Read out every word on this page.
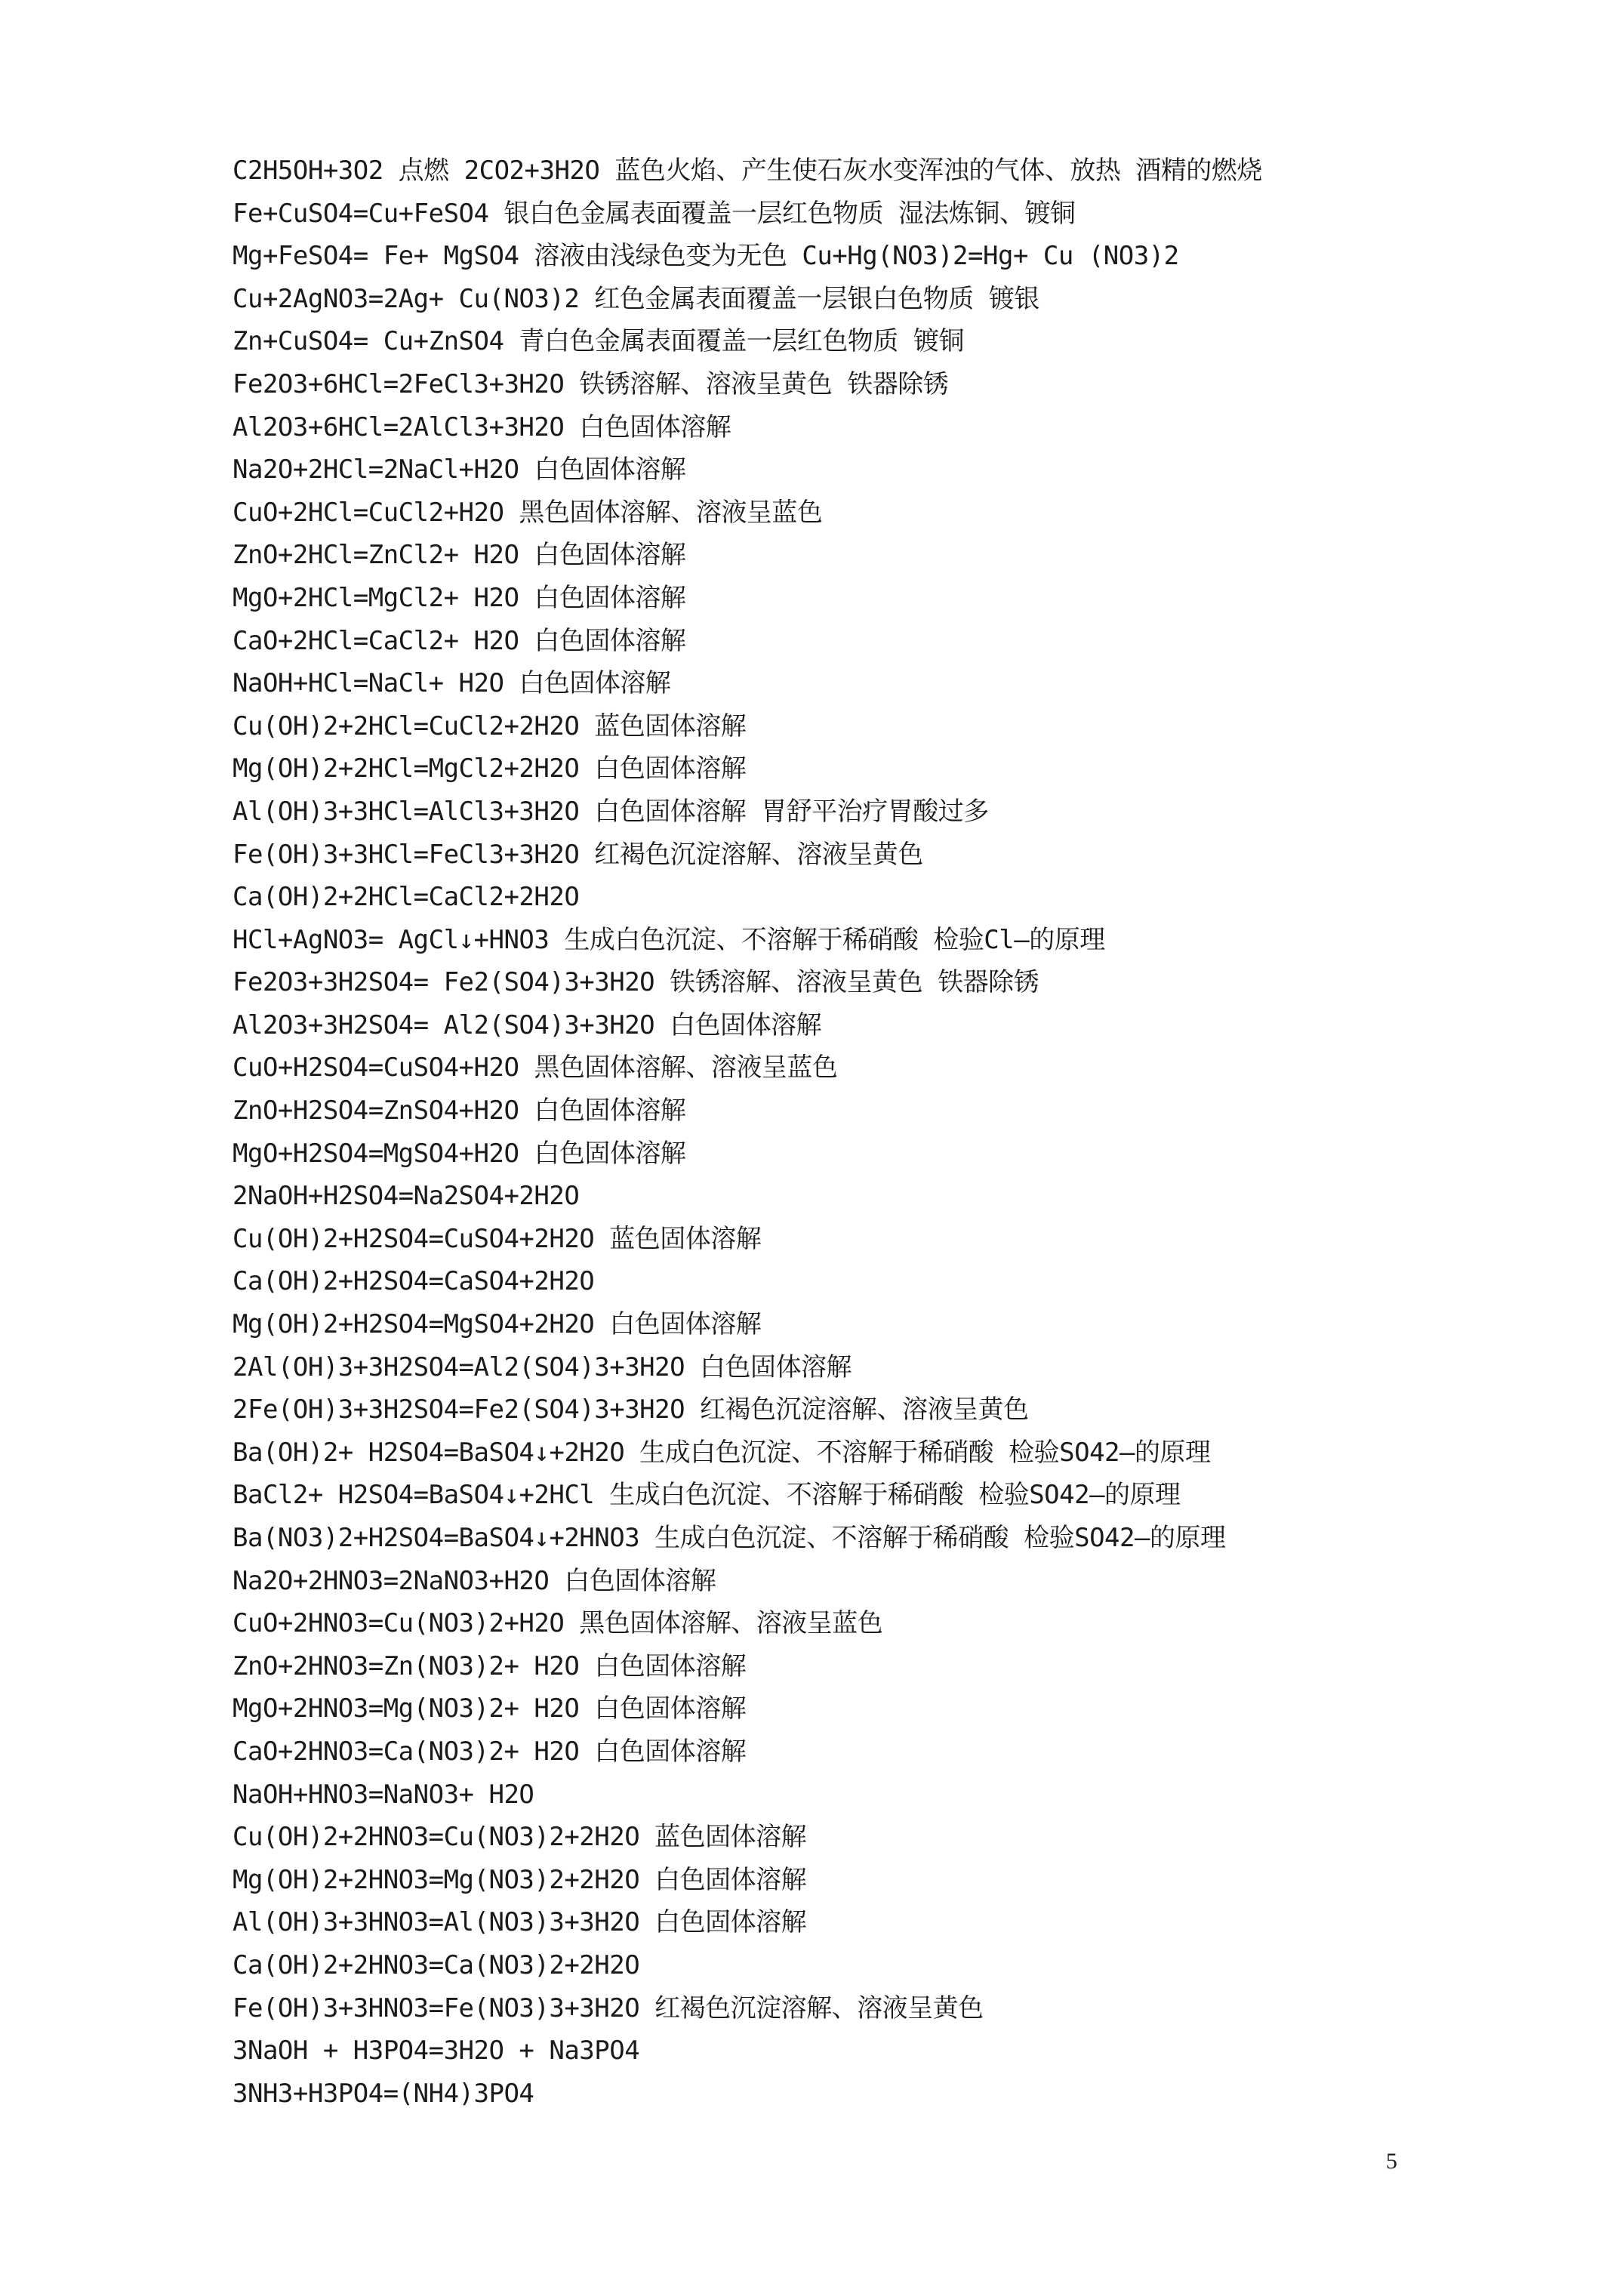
C2H5OH+3O2 点燃 2CO2+3H2O 蓝色火焰、产生使石灰水变浑浊的气体、放热 酒精的燃烧
Fe+CuSO4=Cu+FeSO4 银白色金属表面覆盖一层红色物质 湿法炼铜、镀铜
Mg+FeSO4= Fe+ MgSO4 溶液由浅绿色变为无色 Cu+Hg(NO3)2=Hg+ Cu (NO3)2
Cu+2AgNO3=2Ag+ Cu(NO3)2 红色金属表面覆盖一层银白色物质 镀银
Zn+CuSO4= Cu+ZnSO4 青白色金属表面覆盖一层红色物质 镀铜
Fe2O3+6HCl=2FeCl3+3H2O 铁锈溶解、溶液呈黄色 铁器除锈
Al2O3+6HCl=2AlCl3+3H2O 白色固体溶解
Na2O+2HCl=2NaCl+H2O 白色固体溶解
CuO+2HCl=CuCl2+H2O 黑色固体溶解、溶液呈蓝色
ZnO+2HCl=ZnCl2+ H2O 白色固体溶解
MgO+2HCl=MgCl2+ H2O 白色固体溶解
CaO+2HCl=CaCl2+ H2O 白色固体溶解
NaOH+HCl=NaCl+ H2O 白色固体溶解
Cu(OH)2+2HCl=CuCl2+2H2O 蓝色固体溶解
Mg(OH)2+2HCl=MgCl2+2H2O 白色固体溶解
Al(OH)3+3HCl=AlCl3+3H2O 白色固体溶解 胃舒平治疗胃酸过多
Fe(OH)3+3HCl=FeCl3+3H2O 红褐色沉淀溶解、溶液呈黄色
Ca(OH)2+2HCl=CaCl2+2H2O
HCl+AgNO3= AgCl↓+HNO3 生成白色沉淀、不溶解于稀硝酸 检验Cl—的原理
Fe2O3+3H2SO4= Fe2(SO4)3+3H2O 铁锈溶解、溶液呈黄色 铁器除锈
Al2O3+3H2SO4= Al2(SO4)3+3H2O 白色固体溶解
CuO+H2SO4=CuSO4+H2O 黑色固体溶解、溶液呈蓝色
ZnO+H2SO4=ZnSO4+H2O 白色固体溶解
MgO+H2SO4=MgSO4+H2O 白色固体溶解
2NaOH+H2SO4=Na2SO4+2H2O
Cu(OH)2+H2SO4=CuSO4+2H2O 蓝色固体溶解
Ca(OH)2+H2SO4=CaSO4+2H2O
Mg(OH)2+H2SO4=MgSO4+2H2O 白色固体溶解
2Al(OH)3+3H2SO4=Al2(SO4)3+3H2O 白色固体溶解
2Fe(OH)3+3H2SO4=Fe2(SO4)3+3H2O 红褐色沉淀溶解、溶液呈黄色
Ba(OH)2+ H2SO4=BaSO4↓+2H2O 生成白色沉淀、不溶解于稀硝酸 检验SO42—的原理
BaCl2+ H2SO4=BaSO4↓+2HCl 生成白色沉淀、不溶解于稀硝酸 检验SO42—的原理
Ba(NO3)2+H2SO4=BaSO4↓+2HNO3 生成白色沉淀、不溶解于稀硝酸 检验SO42—的原理
Na2O+2HNO3=2NaNO3+H2O 白色固体溶解
CuO+2HNO3=Cu(NO3)2+H2O 黑色固体溶解、溶液呈蓝色
ZnO+2HNO3=Zn(NO3)2+ H2O 白色固体溶解
MgO+2HNO3=Mg(NO3)2+ H2O 白色固体溶解
CaO+2HNO3=Ca(NO3)2+ H2O 白色固体溶解
NaOH+HNO3=NaNO3+ H2O
Cu(OH)2+2HNO3=Cu(NO3)2+2H2O 蓝色固体溶解
Mg(OH)2+2HNO3=Mg(NO3)2+2H2O 白色固体溶解
Al(OH)3+3HNO3=Al(NO3)3+3H2O 白色固体溶解
Ca(OH)2+2HNO3=Ca(NO3)2+2H2O
Fe(OH)3+3HNO3=Fe(NO3)3+3H2O 红褐色沉淀溶解、溶液呈黄色
3NaOH + H3PO4=3H2O + Na3PO4
3NH3+H3PO4=(NH4)3PO4
5
